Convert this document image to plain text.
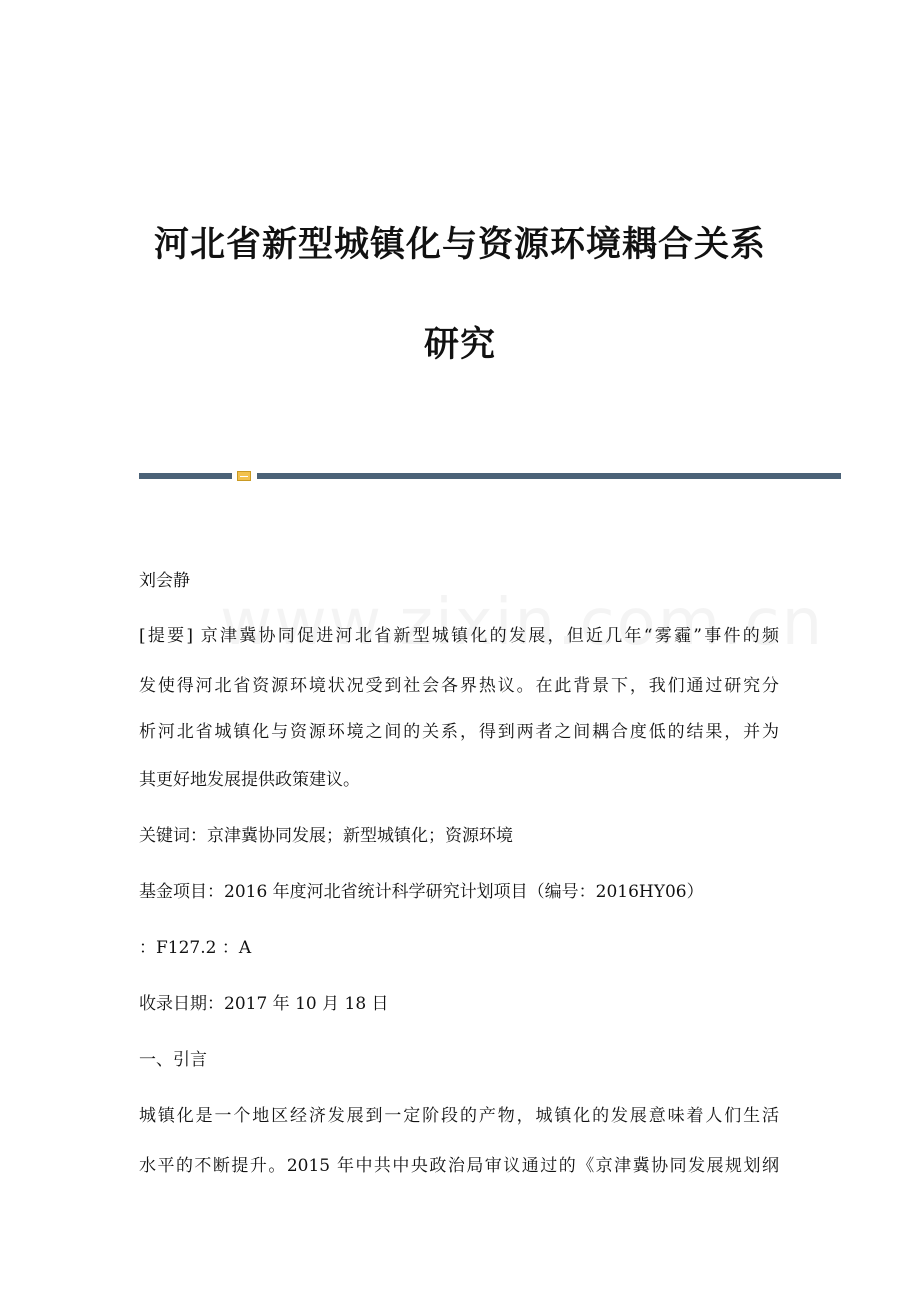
河北省新型城镇化与资源环境耦合关系
研究
刘会静
[提要] 京津冀协同促进河北省新型城镇化的发展，但近几年“雾霾”事件的频
发使得河北省资源环境状况受到社会各界热议。在此背景下，我们通过研究分
析河北省城镇化与资源环境之间的关系，得到两者之间耦合度低的结果，并为
其更好地发展提供政策建议。
关键词：京津冀协同发展；新型城镇化；资源环境
基金项目：2016 年度河北省统计科学研究计划项目（编号：2016HY06）
：F127.2 ：A
收录日期：2017 年 10 月 18 日
一、引言
城镇化是一个地区经济发展到一定阶段的产物，城镇化的发展意味着人们生活
水平的不断提升。2015 年中共中央政治局审议通过的《京津冀协同发展规划纲
